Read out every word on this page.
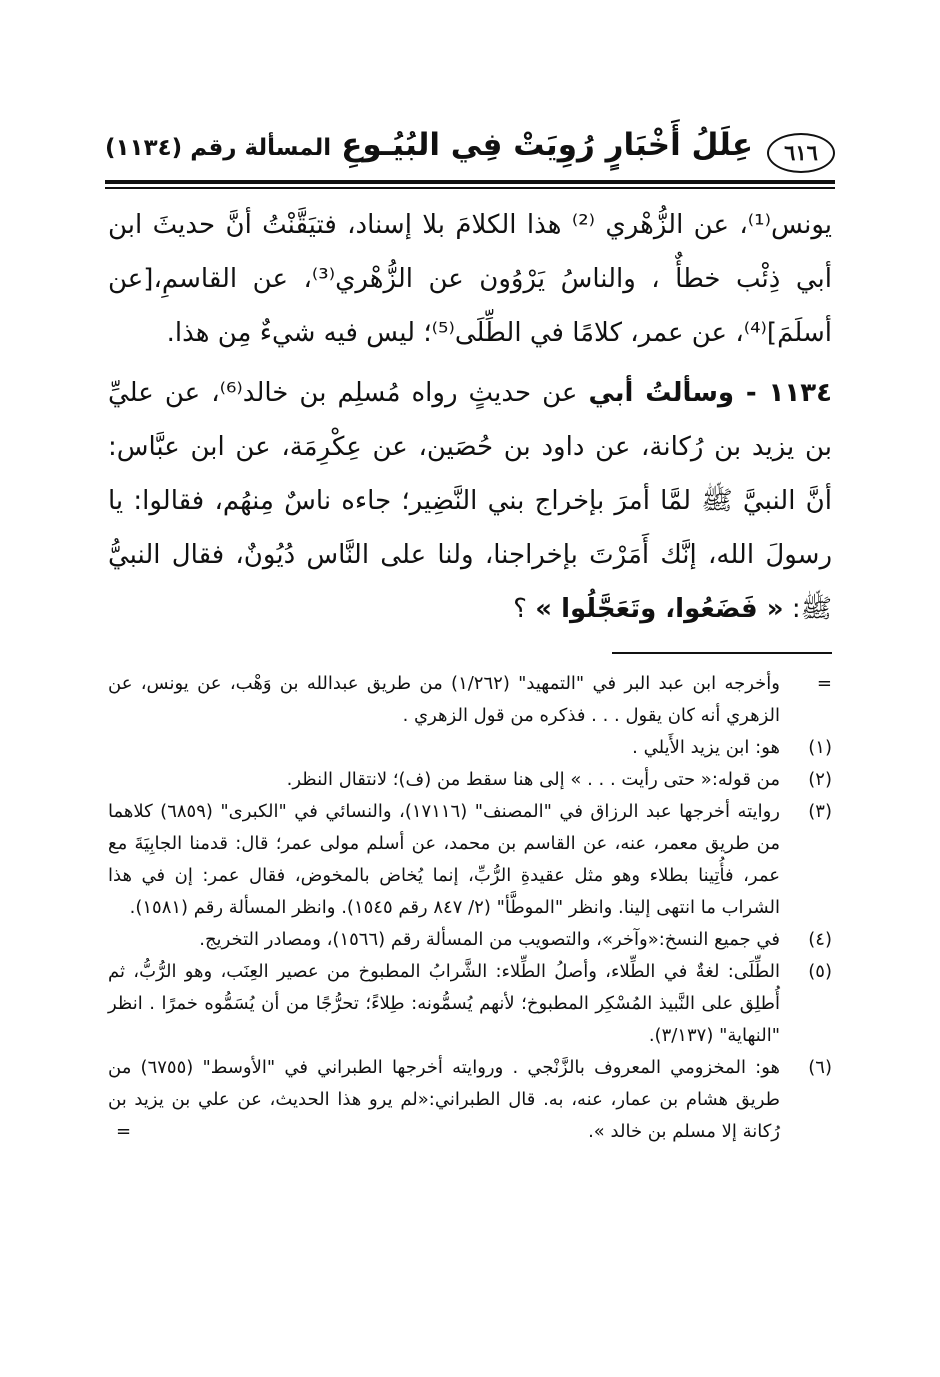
٦١٦
عِلَلُ أَخْبَارٍ رُوِيَتْ فِي البُيُـوعِ
المسألة رقم (١١٣٤)

يونس⁽¹⁾، عن الزُّهْري ⁽²⁾ هذا الكلامَ بلا إسناد، فتيَقَّنْتُ أنَّ حديثَ ابن أبي ذِئْب خطأٌ ، والناسُ يَرْوُون عن الزُّهْري⁽³⁾، عن القاسمِ،[عن أسلَمَ]⁽⁴⁾، عن عمر، كلامًا في الطِّلَى⁽⁵⁾؛ ليس فيه شيءٌ مِن هذا.

١١٣٤ - وسألتُ أبي عن حديثٍ رواه مُسلِم بن خالد⁽⁶⁾، عن عليِّ بن يزيد بن رُكانة، عن داود بن حُصَين، عن عِكْرِمَة، عن ابن عبَّاس: أنَّ النبيَّ ﷺ لمَّا أمرَ بإخراج بني النَّضِير؛ جاءه ناسٌ مِنهُم، فقالوا: يا رسولَ الله، إنَّك أَمَرْتَ بإخراجنا، ولنا على النَّاس دُيُونٌ، فقال النبيُّ ﷺ: « فَضَعُوا، وتَعَجَّلُوا » ؟

=
وأخرجه ابن عبد البر في "التمهيد" (١/٢٦٢) من طريق عبدالله بن وَهْب، عن يونس، عن الزهري أنه كان يقول . . . فذكره من قول الزهري .
(١)
هو: ابن يزيد الأَيلي .
(٢)
من قوله:« حتى رأيت . . . » إلى هنا سقط من (ف)؛ لانتقال النظر.
(٣)
روايته أخرجها عبد الرزاق في "المصنف" (١٧١١٦)، والنسائي في "الكبرى" (٦٨٥٩) كلاهما من طريق معمر، عنه، عن القاسم بن محمد، عن أسلم مولى عمر؛ قال: قدمنا الجابِيَةَ مع عمر، فأُتِينا بطلاء وهو مثل عقيدةِ الرُّبِّ، إنما يُخاض بالمخوض، فقال عمر: إن في هذا الشراب ما انتهى إلينا. وانظر "الموطَّأ" (٢/ ٨٤٧ رقم ١٥٤٥). وانظر المسألة رقم (١٥٨١).
(٤)
في جميع النسخ:«وآخر»، والتصويب من المسألة رقم (١٥٦٦)، ومصادر التخريج.
(٥)
الطِّلَى: لغةٌ في الطِّلاء، وأصلُ الطِّلاء: الشَّرابُ المطبوخ من عصير العِنَب، وهو الرُّبُّ، ثم أُطلِق على النَّبيذ المُسْكِر المطبوخ؛ لأنهم يُسمُّونه: طِلاءً؛ تحرُّجًا من أن يُسَمُّوه خمرًا . انظر "النهاية" (٣/١٣٧).
(٦)
هو: المخزومي المعروف بالزَّنْجي . وروايته أخرجها الطبراني في "الأوسط" (٦٧٥٥) من طريق هشام بن عمار، عنه، به. قال الطبراني:«لم يرو هذا الحديث، عن علي بن يزيد بن رُكانة إلا مسلم بن خالد ».
=
